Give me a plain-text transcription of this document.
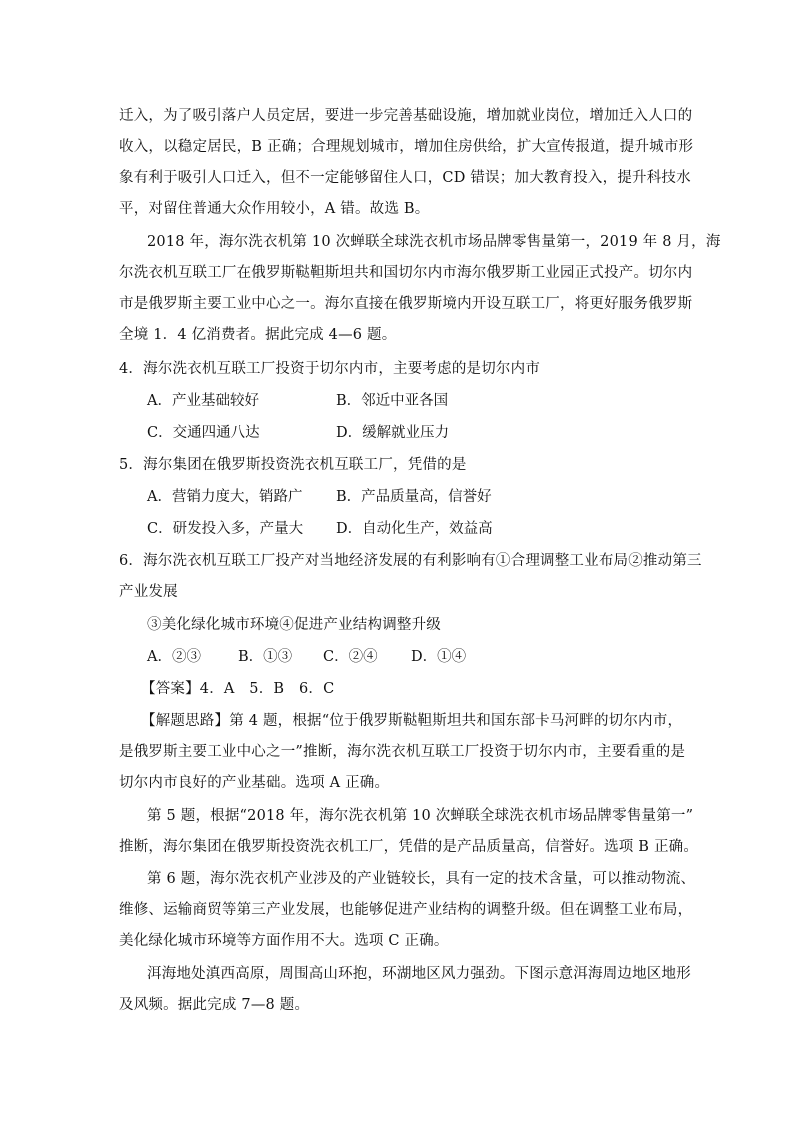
迁入，为了吸引落户人员定居，要进一步完善基础设施，增加就业岗位，增加迁入人口的
收入，以稳定居民，B 正确；合理规划城市，增加住房供给，扩大宣传报道，提升城市形
象有利于吸引人口迁入，但不一定能够留住人口，CD 错误；加大教育投入，提升科技水
平，对留住普通大众作用较小，A 错。故选 B。
2018 年，海尔洗衣机第 10 次蝉联全球洗衣机市场品牌零售量第一，2019 年 8 月，海
尔洗衣机互联工厂在俄罗斯鞑靼斯坦共和国切尔内市海尔俄罗斯工业园正式投产。切尔内
市是俄罗斯主要工业中心之一。海尔直接在俄罗斯境内开设互联工厂，将更好服务俄罗斯
全境 1．4 亿消费者。据此完成 4—6 题。
4．海尔洗衣机互联工厂投资于切尔内市，主要考虑的是切尔内市
A．产业基础较好	B．邻近中亚各国
C．交通四通八达	D．缓解就业压力
5．海尔集团在俄罗斯投资洗衣机互联工厂，凭借的是
A．营销力度大，销路广 B．产品质量高，信誉好
C．研发投入多，产量大 D．自动化生产，效益高
6．海尔洗衣机互联工厂投产对当地经济发展的有利影响有①合理调整工业布局②推动第三
产业发展
③美化绿化城市环境④促进产业结构调整升级
A．②③	B．①③ C．②④ D．①④
【答案】4．A　5．B　6．C
【解题思路】第 4 题，根据“位于俄罗斯鞑靼斯坦共和国东部卡马河畔的切尔内市，
是俄罗斯主要工业中心之一”推断，海尔洗衣机互联工厂投资于切尔内市，主要看重的是
切尔内市良好的产业基础。选项 A 正确。
第 5 题，根据“2018 年，海尔洗衣机第 10 次蝉联全球洗衣机市场品牌零售量第一”
推断，海尔集团在俄罗斯投资洗衣机工厂，凭借的是产品质量高，信誉好。选项 B 正确。
第 6 题，海尔洗衣机产业涉及的产业链较长，具有一定的技术含量，可以推动物流、
维修、运输商贸等第三产业发展，也能够促进产业结构的调整升级。但在调整工业布局，
美化绿化城市环境等方面作用不大。选项 C 正确。
洱海地处滇西高原，周围高山环抱，环湖地区风力强劲。下图示意洱海周边地区地形
及风频。据此完成 7—8 题。
